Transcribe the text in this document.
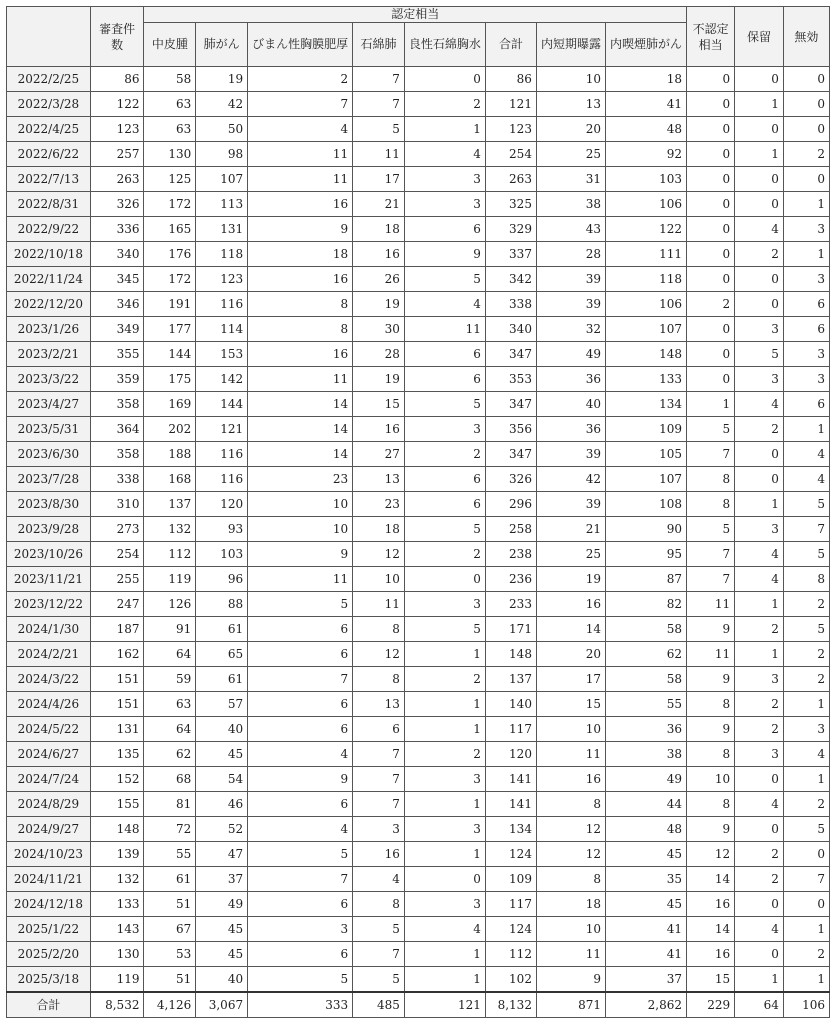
	審査件数	認定相当								不認定相当	保留	無効
		中皮腫	肺がん	びまん性胸膜肥厚	石綿肺	良性石綿胸水	合計	内短期曝露	内喫煙肺がん			
2022/2/25	86	58	19	2	7	0	86	10	18	0	0	0
2022/3/28	122	63	42	7	7	2	121	13	41	0	1	0
2022/4/25	123	63	50	4	5	1	123	20	48	0	0	0
2022/6/22	257	130	98	11	11	4	254	25	92	0	1	2
2022/7/13	263	125	107	11	17	3	263	31	103	0	0	0
2022/8/31	326	172	113	16	21	3	325	38	106	0	0	1
2022/9/22	336	165	131	9	18	6	329	43	122	0	4	3
2022/10/18	340	176	118	18	16	9	337	28	111	0	2	1
2022/11/24	345	172	123	16	26	5	342	39	118	0	0	3
2022/12/20	346	191	116	8	19	4	338	39	106	2	0	6
2023/1/26	349	177	114	8	30	11	340	32	107	0	3	6
2023/2/21	355	144	153	16	28	6	347	49	148	0	5	3
2023/3/22	359	175	142	11	19	6	353	36	133	0	3	3
2023/4/27	358	169	144	14	15	5	347	40	134	1	4	6
2023/5/31	364	202	121	14	16	3	356	36	109	5	2	1
2023/6/30	358	188	116	14	27	2	347	39	105	7	0	4
2023/7/28	338	168	116	23	13	6	326	42	107	8	0	4
2023/8/30	310	137	120	10	23	6	296	39	108	8	1	5
2023/9/28	273	132	93	10	18	5	258	21	90	5	3	7
2023/10/26	254	112	103	9	12	2	238	25	95	7	4	5
2023/11/21	255	119	96	11	10	0	236	19	87	7	4	8
2023/12/22	247	126	88	5	11	3	233	16	82	11	1	2
2024/1/30	187	91	61	6	8	5	171	14	58	9	2	5
2024/2/21	162	64	65	6	12	1	148	20	62	11	1	2
2024/3/22	151	59	61	7	8	2	137	17	58	9	3	2
2024/4/26	151	63	57	6	13	1	140	15	55	8	2	1
2024/5/22	131	64	40	6	6	1	117	10	36	9	2	3
2024/6/27	135	62	45	4	7	2	120	11	38	8	3	4
2024/7/24	152	68	54	9	7	3	141	16	49	10	0	1
2024/8/29	155	81	46	6	7	1	141	8	44	8	4	2
2024/9/27	148	72	52	4	3	3	134	12	48	9	0	5
2024/10/23	139	55	47	5	16	1	124	12	45	12	2	0
2024/11/21	132	61	37	7	4	0	109	8	35	14	2	7
2024/12/18	133	51	49	6	8	3	117	18	45	16	0	0
2025/1/22	143	67	45	3	5	4	124	10	41	14	4	1
2025/2/20	130	53	45	6	7	1	112	11	41	16	0	2
2025/3/18	119	51	40	5	5	1	102	9	37	15	1	1
合計	8,532	4,126	3,067	333	485	121	8,132	871	2,862	229	64	106
